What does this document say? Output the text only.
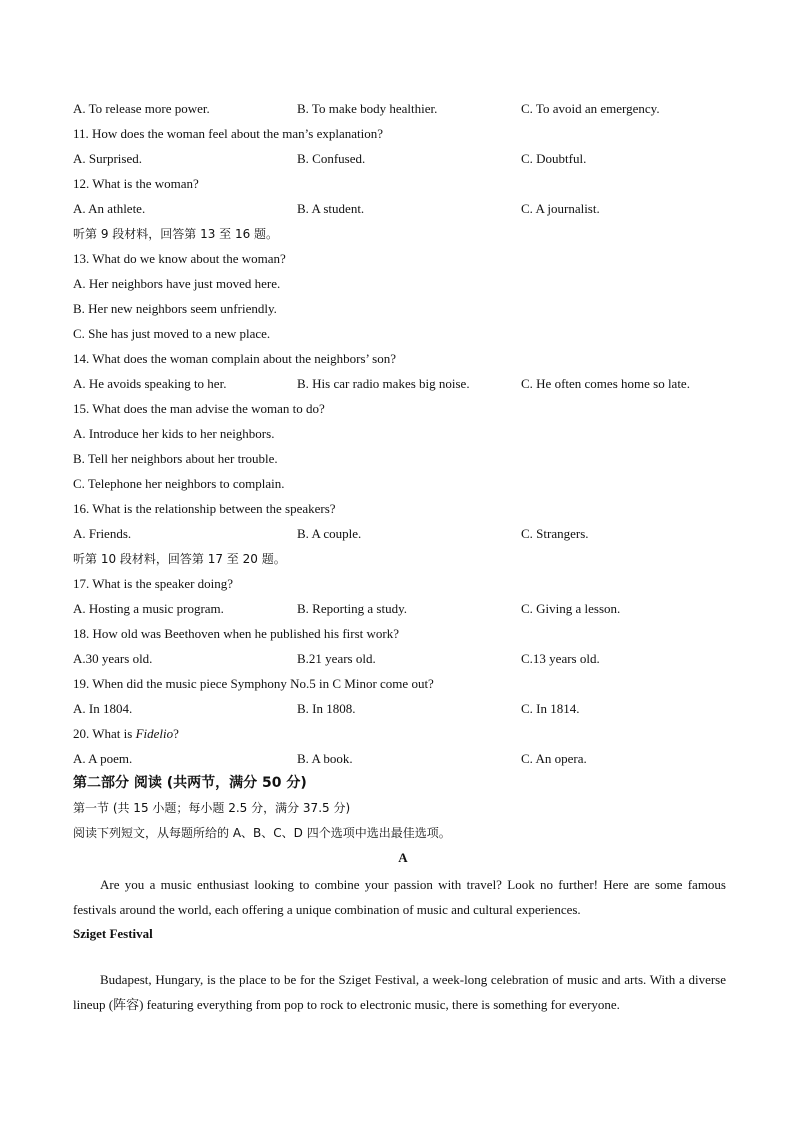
A. To release more power.	B. To make body healthier.	C. To avoid an emergency.
11. How does the woman feel about the man’s explanation?
A. Surprised.	B. Confused.	C. Doubtful.
12. What is the woman?
A. An athlete.	B. A student.	C. A journalist.
听第 9 段材料，回答第 13 至 16 题。
13. What do we know about the woman?
A. Her neighbors have just moved here.
B. Her new neighbors seem unfriendly.
C. She has just moved to a new place.
14. What does the woman complain about the neighbors’ son?
A. He avoids speaking to her.	B. His car radio makes big noise.	C. He often comes home so late.
15. What does the man advise the woman to do?
A. Introduce her kids to her neighbors.
B. Tell her neighbors about her trouble.
C. Telephone her neighbors to complain.
16. What is the relationship between the speakers?
A. Friends.	B. A couple.	C. Strangers.
听第 10 段材料，回答第 17 至 20 题。
17. What is the speaker doing?
A. Hosting a music program.	B. Reporting a study.	C. Giving a lesson.
18. How old was Beethoven when he published his first work?
A.30 years old.	B.21 years old.	C.13 years old.
19. When did the music piece Symphony No.5 in C Minor come out?
A. In 1804.	B. In 1808.	C. In 1814.
20. What is Fidelio?
A. A poem.	B. A book.	C. An opera.
第二部分 阅读 (共两节，满分 50 分)
第一节 (共 15 小题；每小题 2.5 分，满分 37.5 分)
阅读下列短文，从每题所给的 A、B、C、D 四个选项中选出最佳选项。
A
Are you a music enthusiast looking to combine your passion with travel? Look no further! Here are some famous festivals around the world, each offering a unique combination of music and cultural experiences.
Sziget Festival
Budapest, Hungary, is the place to be for the Sziget Festival, a week-long celebration of music and arts. With a diverse lineup (阵容) featuring everything from pop to rock to electronic music, there is something for everyone.
